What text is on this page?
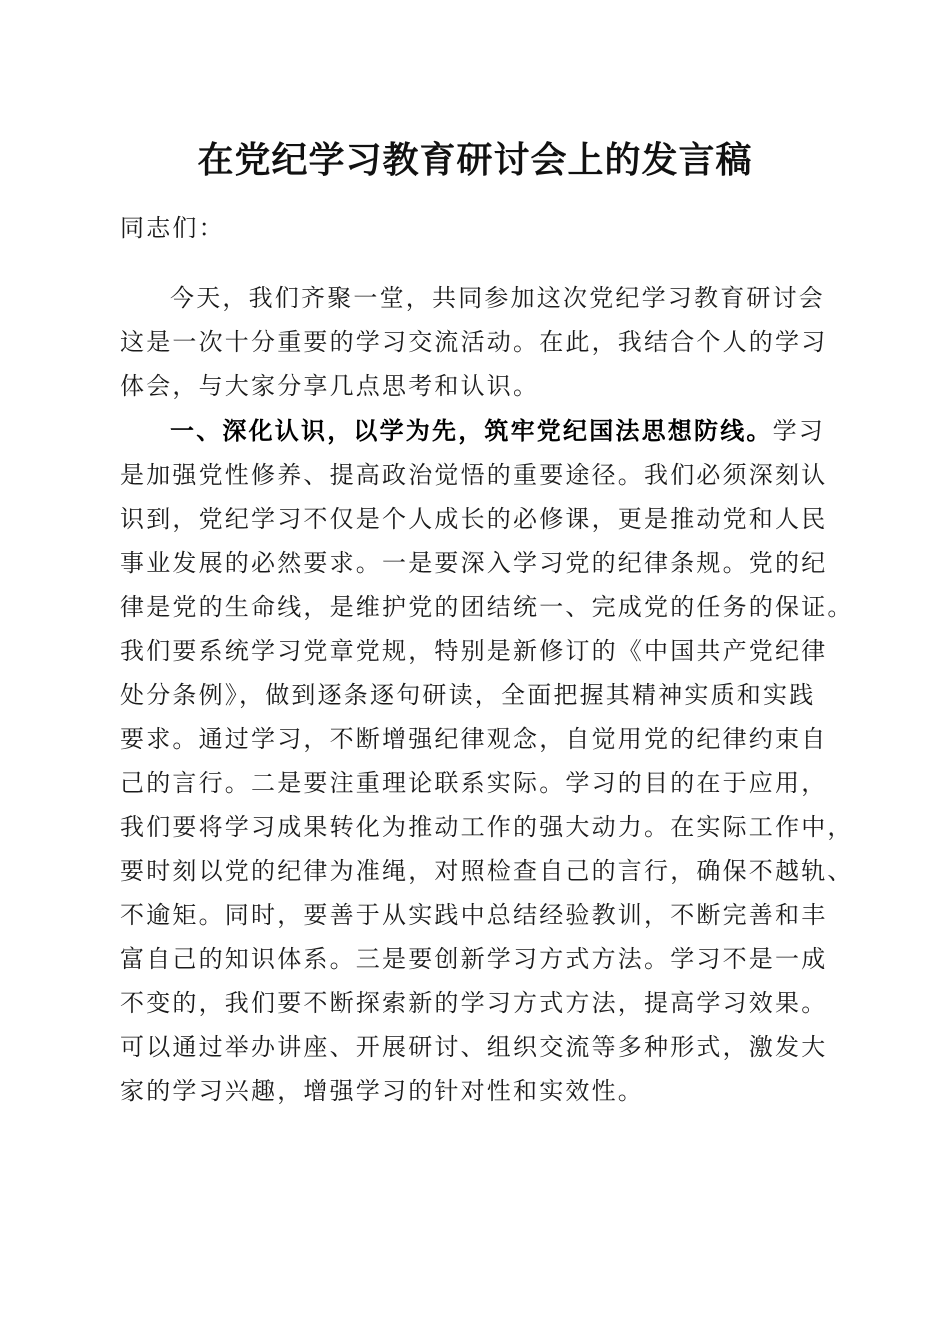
在党纪学习教育研讨会上的发言稿

同志们：

今天，我们齐聚一堂，共同参加这次党纪学习教育研讨会
这是一次十分重要的学习交流活动。在此，我结合个人的学习
体会，与大家分享几点思考和认识。
一、深化认识，以学为先，筑牢党纪国法思想防线。学习
是加强党性修养、提高政治觉悟的重要途径。我们必须深刻认
识到，党纪学习不仅是个人成长的必修课，更是推动党和人民
事业发展的必然要求。一是要深入学习党的纪律条规。党的纪
律是党的生命线，是维护党的团结统一、完成党的任务的保证。
我们要系统学习党章党规，特别是新修订的《中国共产党纪律
处分条例》，做到逐条逐句研读，全面把握其精神实质和实践
要求。通过学习，不断增强纪律观念，自觉用党的纪律约束自
己的言行。二是要注重理论联系实际。学习的目的在于应用，
我们要将学习成果转化为推动工作的强大动力。在实际工作中，
要时刻以党的纪律为准绳，对照检查自己的言行，确保不越轨、
不逾矩。同时，要善于从实践中总结经验教训，不断完善和丰
富自己的知识体系。三是要创新学习方式方法。学习不是一成
不变的，我们要不断探索新的学习方式方法，提高学习效果。
可以通过举办讲座、开展研讨、组织交流等多种形式，激发大
家的学习兴趣，增强学习的针对性和实效性。
